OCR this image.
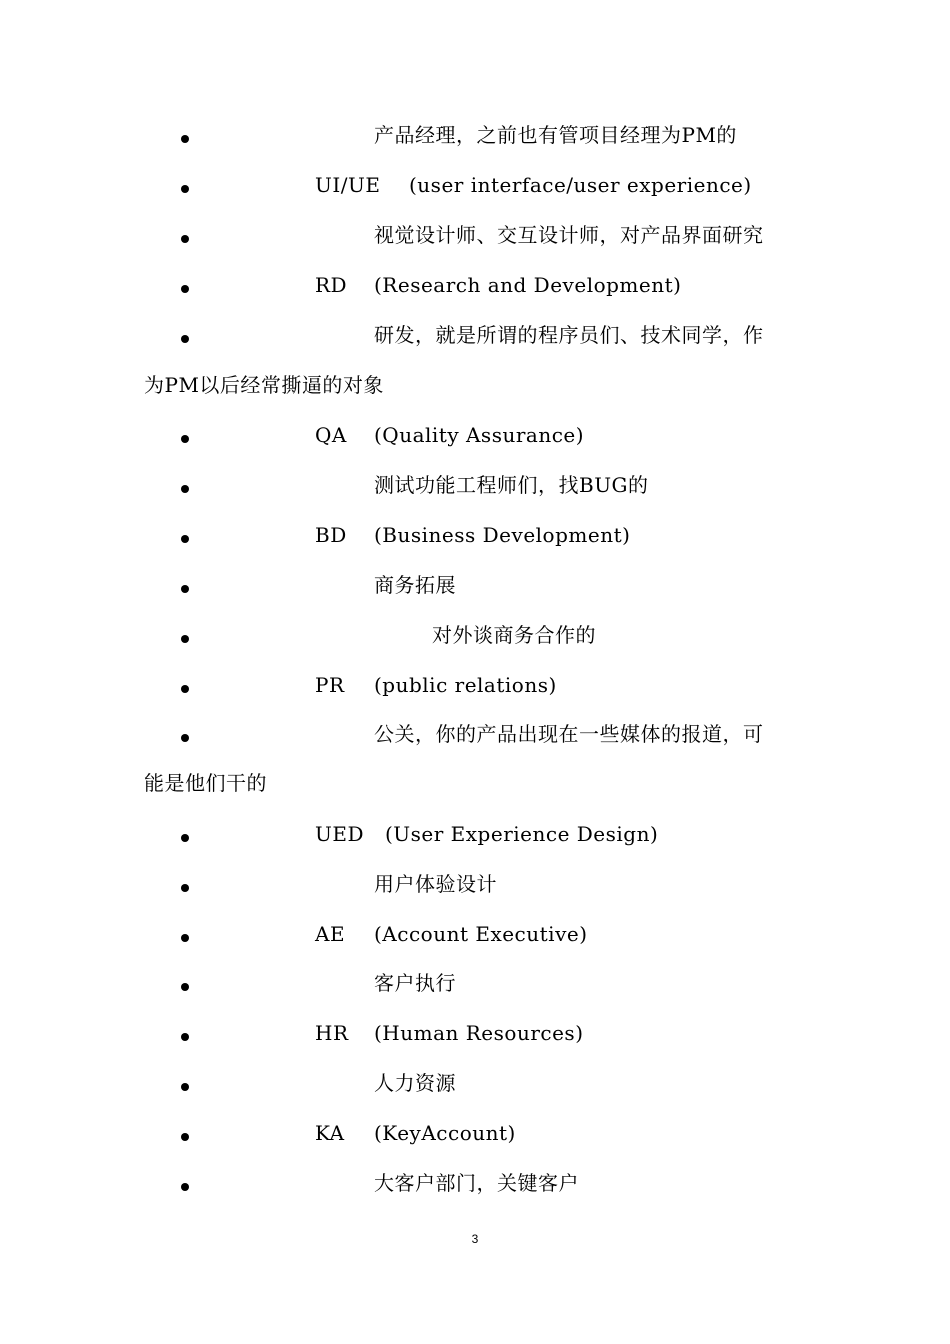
产品经理，之前也有管项目经理为PM的
UI/UE (user interface/user experience)
视觉设计师、交互设计师，对产品界面研究
RD (Research and Development)
研发，就是所谓的程序员们、技术同学，作
为PM以后经常撕逼的对象
QA (Quality Assurance)
测试功能工程师们，找BUG的
BD (Business Development)
商务拓展
对外谈商务合作的
PR (public relations)
公关，你的产品出现在一些媒体的报道，可
能是他们干的
UED (User Experience Design)
用户体验设计
AE (Account Executive)
客户执行
HR (Human Resources)
人力资源
KA (KeyAccount)
大客户部门，关键客户
3
